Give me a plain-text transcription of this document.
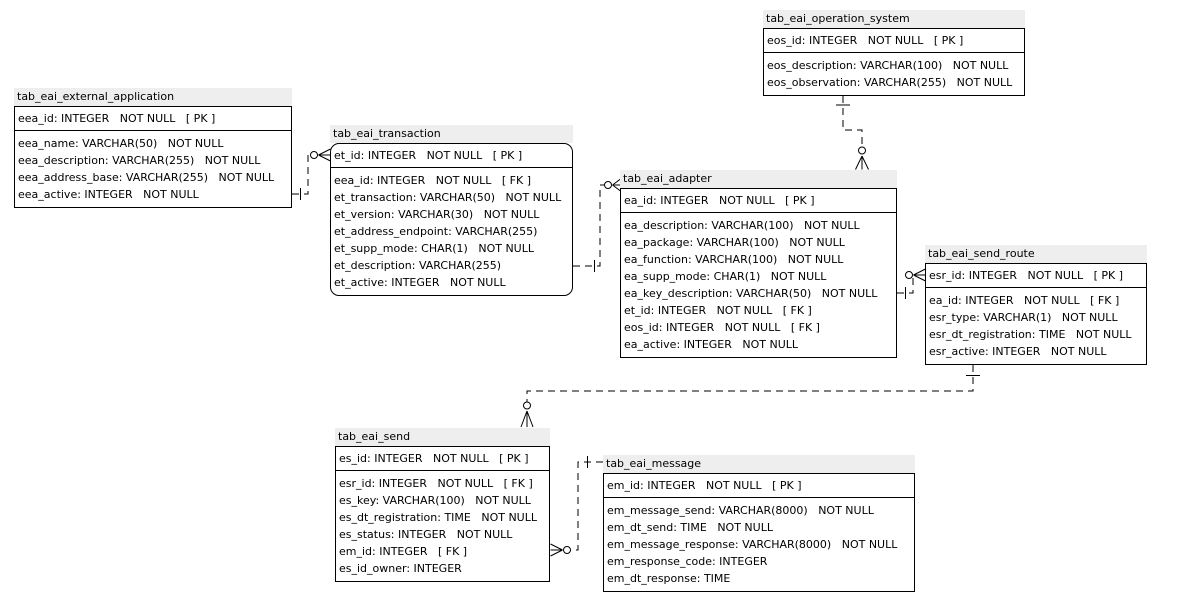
tab_eai_external_application
eea_id: INTEGER   NOT NULL   [ PK ]
eea_name: VARCHAR(50)   NOT NULL
eea_description: VARCHAR(255)   NOT NULL
eea_address_base: VARCHAR(255)   NOT NULL
eea_active: INTEGER   NOT NULL
tab_eai_transaction
et_id: INTEGER   NOT NULL   [ PK ]
eea_id: INTEGER   NOT NULL   [ FK ]
et_transaction: VARCHAR(50)   NOT NULL
et_version: VARCHAR(30)   NOT NULL
et_address_endpoint: VARCHAR(255)
et_supp_mode: CHAR(1)   NOT NULL
et_description: VARCHAR(255)
et_active: INTEGER   NOT NULL
tab_eai_operation_system
eos_id: INTEGER   NOT NULL   [ PK ]
eos_description: VARCHAR(100)   NOT NULL
eos_observation: VARCHAR(255)   NOT NULL
tab_eai_adapter
ea_id: INTEGER   NOT NULL   [ PK ]
ea_description: VARCHAR(100)   NOT NULL
ea_package: VARCHAR(100)   NOT NULL
ea_function: VARCHAR(100)   NOT NULL
ea_supp_mode: CHAR(1)   NOT NULL
ea_key_description: VARCHAR(50)   NOT NULL
et_id: INTEGER   NOT NULL   [ FK ]
eos_id: INTEGER   NOT NULL   [ FK ]
ea_active: INTEGER   NOT NULL
tab_eai_send_route
esr_id: INTEGER   NOT NULL   [ PK ]
ea_id: INTEGER   NOT NULL   [ FK ]
esr_type: VARCHAR(1)   NOT NULL
esr_dt_registration: TIME   NOT NULL
esr_active: INTEGER   NOT NULL
tab_eai_send
es_id: INTEGER   NOT NULL   [ PK ]
esr_id: INTEGER   NOT NULL   [ FK ]
es_key: VARCHAR(100)   NOT NULL
es_dt_registration: TIME   NOT NULL
es_status: INTEGER   NOT NULL
em_id: INTEGER   [ FK ]
es_id_owner: INTEGER
tab_eai_message
em_id: INTEGER   NOT NULL   [ PK ]
em_message_send: VARCHAR(8000)   NOT NULL
em_dt_send: TIME   NOT NULL
em_message_response: VARCHAR(8000)   NOT NULL
em_response_code: INTEGER
em_dt_response: TIME
